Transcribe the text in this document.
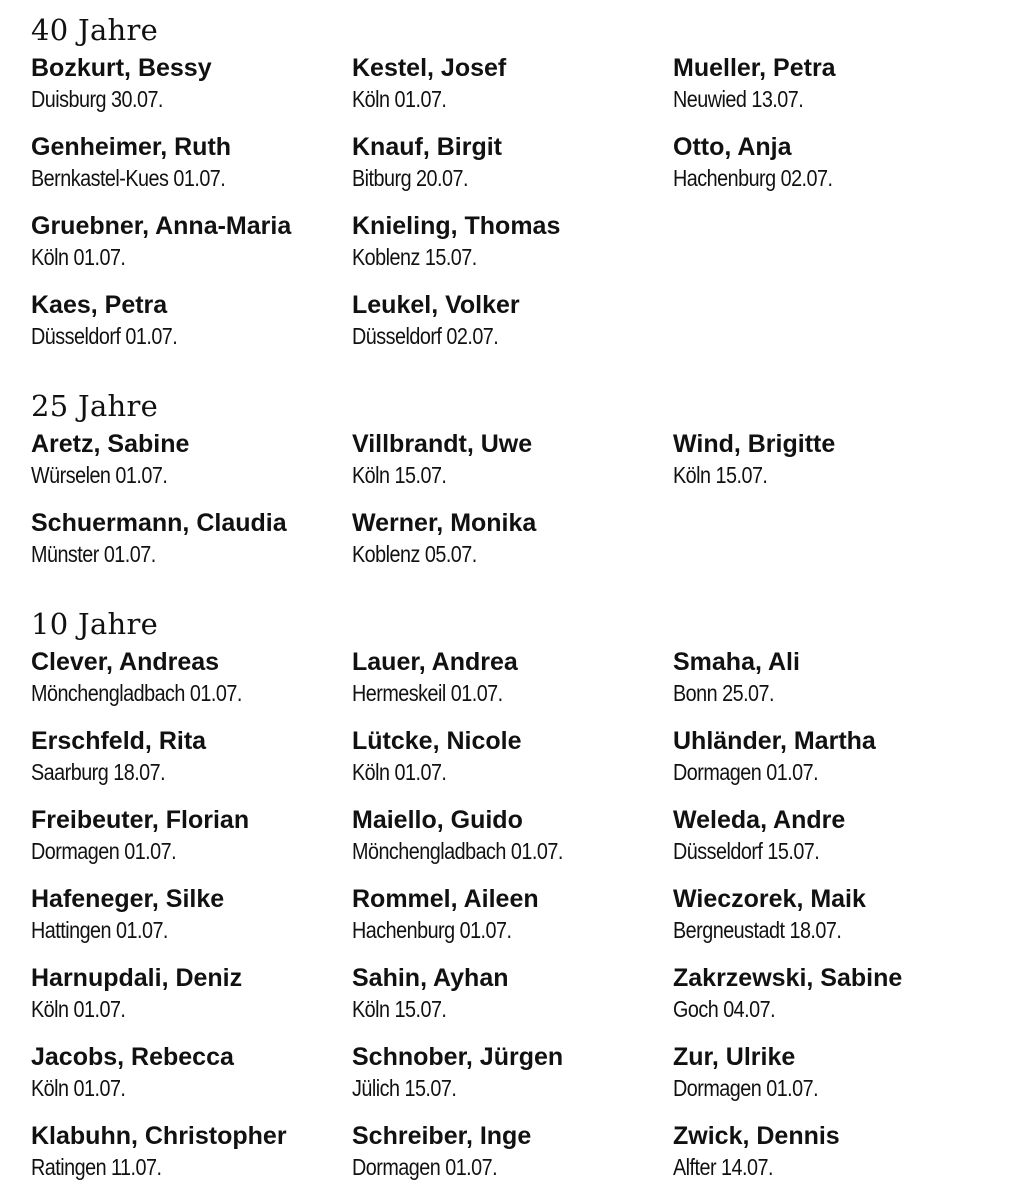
40 Jahre
Bozkurt, Bessy
Duisburg 30.07.
Genheimer, Ruth
Bernkastel-Kues 01.07.
Gruebner, Anna-Maria
Köln 01.07.
Kaes, Petra
Düsseldorf 01.07.
Kestel, Josef
Köln 01.07.
Knauf, Birgit
Bitburg 20.07.
Knieling, Thomas
Koblenz 15.07.
Leukel, Volker
Düsseldorf 02.07.
Mueller, Petra
Neuwied 13.07.
Otto, Anja
Hachenburg 02.07.
25 Jahre
Aretz, Sabine
Würselen 01.07.
Schuermann, Claudia
Münster 01.07.
Villbrandt, Uwe
Köln 15.07.
Werner, Monika
Koblenz 05.07.
Wind, Brigitte
Köln 15.07.
10 Jahre
Clever, Andreas
Mönchengladbach 01.07.
Erschfeld, Rita
Saarburg 18.07.
Freibeuter, Florian
Dormagen 01.07.
Hafeneger, Silke
Hattingen 01.07.
Harnupdali, Deniz
Köln 01.07.
Jacobs, Rebecca
Köln 01.07.
Klabuhn, Christopher
Ratingen 11.07.
Lauer, Andrea
Hermeskeil 01.07.
Lütcke, Nicole
Köln 01.07.
Maiello, Guido
Mönchengladbach 01.07.
Rommel, Aileen
Hachenburg 01.07.
Sahin, Ayhan
Köln 15.07.
Schnober, Jürgen
Jülich 15.07.
Schreiber, Inge
Dormagen 01.07.
Smaha, Ali
Bonn 25.07.
Uhländer, Martha
Dormagen 01.07.
Weleda, Andre
Düsseldorf 15.07.
Wieczorek, Maik
Bergneustadt 18.07.
Zakrzewski, Sabine
Goch 04.07.
Zur, Ulrike
Dormagen 01.07.
Zwick, Dennis
Alfter 14.07.
